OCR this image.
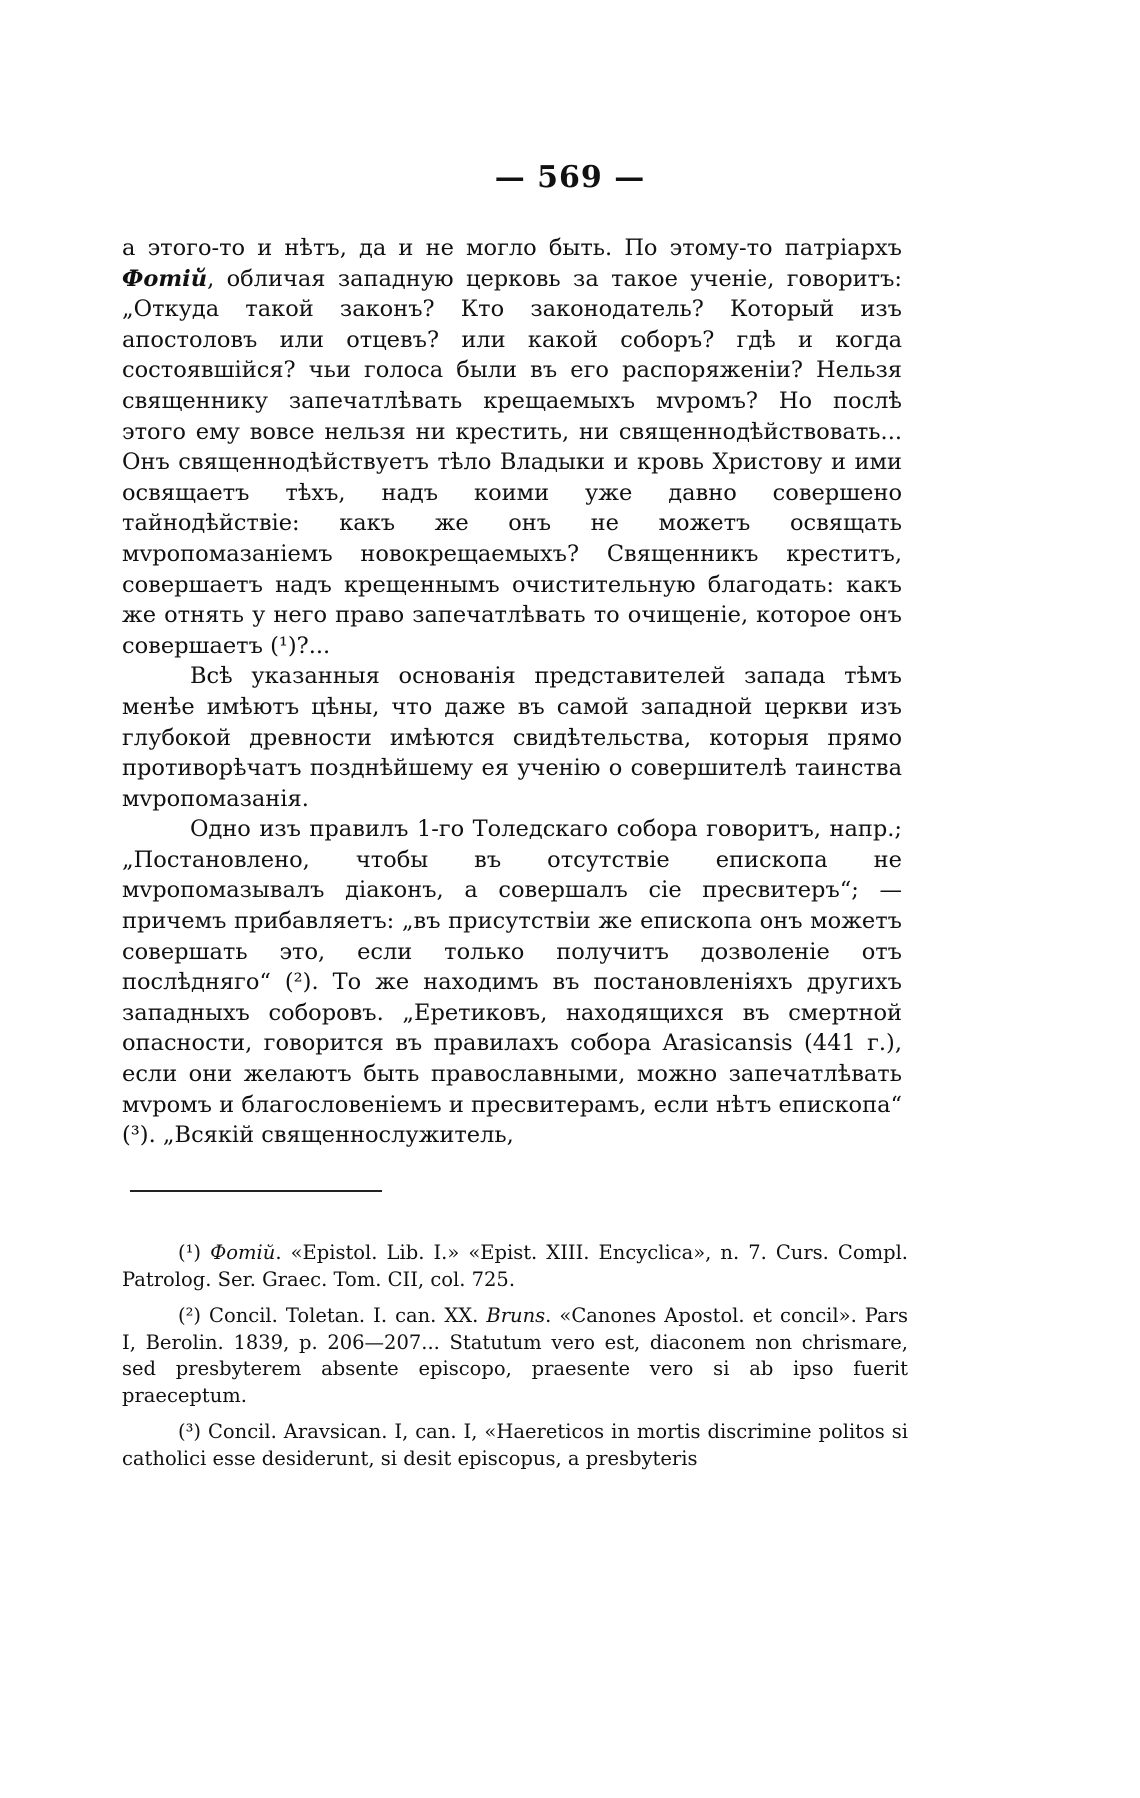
— 569 —

а этого-то и нѣтъ, да и не могло быть. По этому-то патріархъ Фотій, обличая западную церковь за такое ученіе, говоритъ: „Откуда такой законъ? Кто законодатель? Который изъ апостоловъ или отцевъ? или какой соборъ? гдѣ и когда состоявшійся? чьи голоса были въ его распоряженіи? Нельзя священнику запечатлѣвать крещаемыхъ мvромъ? Но послѣ этого ему вовсе нельзя ни крестить, ни священнодѣйствовать... Онъ священнодѣйствуетъ тѣло Владыки и кровь Христову и ими освящаетъ тѣхъ, надъ коими уже давно совершено тайнодѣйствіе: какъ же онъ не можетъ освящать мvропомазаніемъ новокрещаемыхъ? Священникъ креститъ, совершаетъ надъ крещеннымъ очистительную благодать: какъ же отнять у него право запечатлѣвать то очищеніе, которое онъ совершаетъ (¹)?...

Всѣ указанныя основанія представителей запада тѣмъ менѣе имѣютъ цѣны, что даже въ самой западной церкви изъ глубокой древности имѣются свидѣтельства, которыя прямо противорѣчатъ позднѣйшему ея ученію о совершителѣ таинства мvропомазанія.

Одно изъ правилъ 1-го Толедскаго собора говоритъ, напр.; „Постановлено, чтобы въ отсутствіе епископа не мvропомазывалъ діаконъ, а совершалъ сіе пресвитеръ“; — причемъ прибавляетъ: „въ присутствіи же епископа онъ можетъ совершать это, если только получитъ дозволеніе отъ послѣдняго“ (²). То же находимъ въ постановленіяхъ другихъ западныхъ соборовъ. „Еретиковъ, находящихся въ смертной опасности, говорится въ правилахъ собора Arasicansis (441 г.), если они желаютъ быть православными, можно запечатлѣвать мvромъ и благословеніемъ и пресвитерамъ, если нѣтъ епископа“ (³). „Всякій священнослужитель,

(¹) Фотій. «Epistol. Lib. I.» «Epist. XIII. Encyclica», n. 7. Curs. Compl. Patrolog. Ser. Graec. Tom. CII, col. 725.

(²) Concil. Toletan. I. can. XX. Bruns. «Canones Apostol. et concil». Pars I, Berolin. 1839, p. 206—207... Statutum vero est, diaconem non chrismare, sed presbyterem absente episcopo, praesente vero si ab ipso fuerit praeceptum.

(³) Concil. Aravsican. I, can. I, «Haereticos in mortis discrimine politos si catholici esse desiderunt, si desit episcopus, a presbyteris
